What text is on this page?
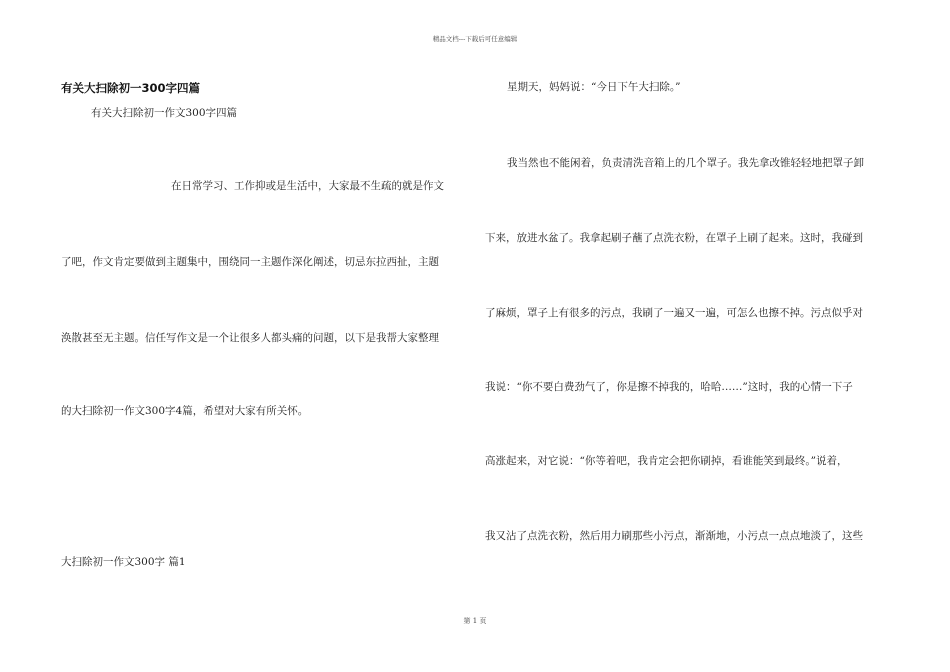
精品文档---下载后可任意编辑
有关大扫除初一300字四篇
有关大扫除初一作文300字四篇
在日常学习、工作抑或是生活中，大家最不生疏的就是作文
了吧，作文肯定要做到主题集中，围绕同一主题作深化阐述，切忌东拉西扯，主题
涣散甚至无主题。信任写作文是一个让很多人都头痛的问题，以下是我帮大家整理
的大扫除初一作文300字4篇，希望对大家有所关怀。
大扫除初一作文300字 篇1
星期天，妈妈说：“今日下午大扫除。”
我当然也不能闲着，负责清洗音箱上的几个罩子。我先拿改锥轻轻地把罩子卸
下来，放进水盆了。我拿起刷子蘸了点洗衣粉，在罩子上刷了起来。这时，我碰到
了麻烦，罩子上有很多的污点，我刷了一遍又一遍，可怎么也擦不掉。污点似乎对
我说：“你不要白费劲气了，你是擦不掉我的，哈哈……”这时，我的心情一下子
高涨起来，对它说：“你等着吧，我肯定会把你刷掉，看谁能笑到最终。”说着，
我又沾了点洗衣粉，然后用力刷那些小污点，渐渐地，小污点一点点地淡了，这些
第 1 页
